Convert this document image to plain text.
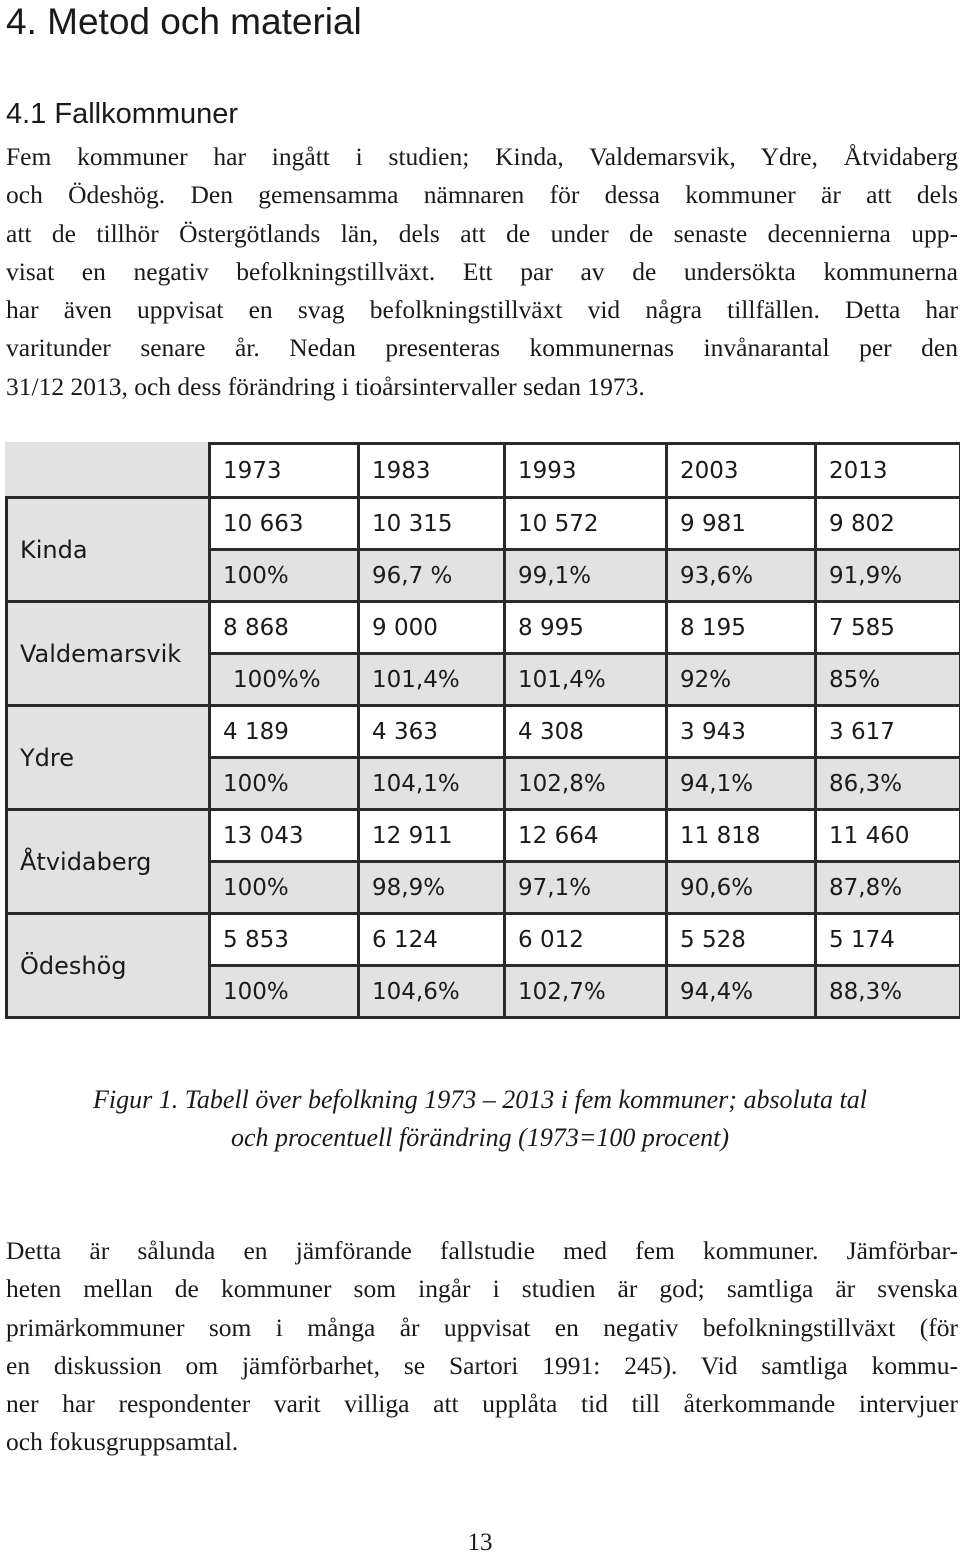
4. Metod och material
4.1 Fallkommuner
Fem kommuner har ingått i studien; Kinda, Valdemarsvik, Ydre, Åtvidaberg
och Ödeshög. Den gemensamma nämnaren för dessa kommuner är att dels
att de tillhör Östergötlands län, dels att de under de senaste decennierna upp-
visat en negativ befolkningstillväxt. Ett par av de undersökta kommunerna
har även uppvisat en svag befolkningstillväxt vid några tillfällen. Detta har
varitunder senare år. Nedan presenteras kommunernas invånarantal per den
31/12 2013, och dess förändring i tioårsintervaller sedan 1973.
	1973	1983	1993	2003	2013
Kinda	10 663	10 315	10 572	9 981	9 802
	100%	96,7 %	99,1%	93,6%	91,9%
Valdemarsvik	8 868	9 000	8 995	8 195	7 585
	100%%	101,4%	101,4%	92%	85%
Ydre	4 189	4 363	4 308	3 943	3 617
	100%	104,1%	102,8%	94,1%	86,3%
Åtvidaberg	13 043	12 911	12 664	11 818	11 460
	100%	98,9%	97,1%	90,6%	87,8%
Ödeshög	5 853	6 124	6 012	5 528	5 174
	100%	104,6%	102,7%	94,4%	88,3%
Figur 1. Tabell över befolkning 1973 – 2013 i fem kommuner; absoluta tal
och procentuell förändring (1973=100 procent)
Detta är sålunda en jämförande fallstudie med fem kommuner. Jämförbar-
heten mellan de kommuner som ingår i studien är god; samtliga är svenska
primärkommuner som i många år uppvisat en negativ befolkningstillväxt (för
en diskussion om jämförbarhet, se Sartori 1991: 245). Vid samtliga kommu-
ner har respondenter varit villiga att upplåta tid till återkommande intervjuer
och fokusgruppsamtal.
13
